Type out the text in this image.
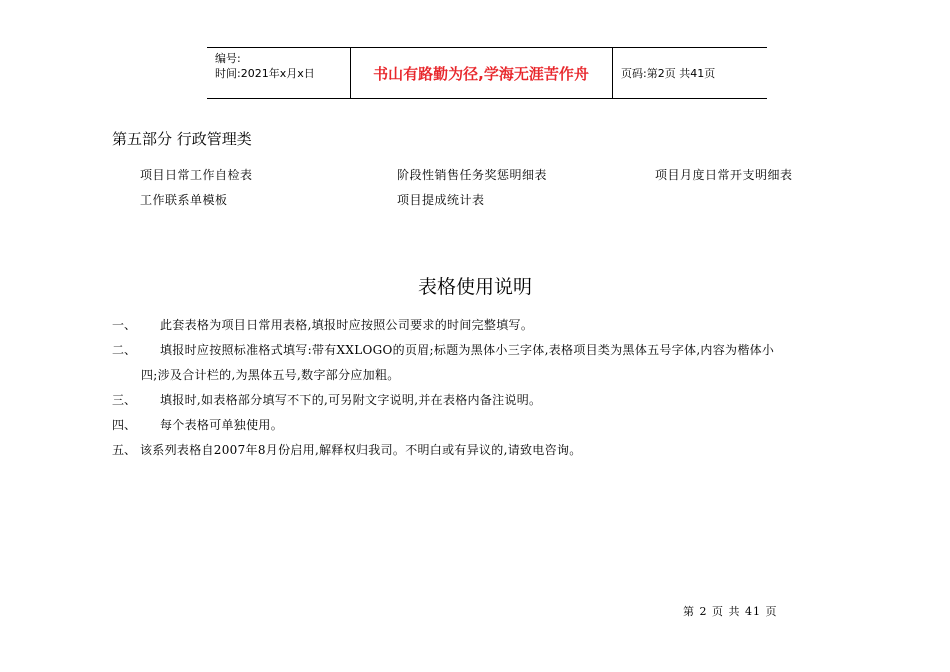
编号:
时间:2021年x月x日	书山有路勤为径,学海无涯苦作舟	页码:第2页 共41页
第五部分 行政管理类
项目日常工作自检表	阶段性销售任务奖惩明细表	项目月度日常开支明细表
工作联系单模板	项目提成统计表
表格使用说明
一、 此套表格为项目日常用表格,填报时应按照公司要求的时间完整填写。
二、 填报时应按照标准格式填写:带有XXLOGO的页眉;标题为黑体小三字体,表格项目类为黑体五号字体,内容为楷体小
四;涉及合计栏的,为黑体五号,数字部分应加粗。
三、 填报时,如表格部分填写不下的,可另附文字说明,并在表格内备注说明。
四、 每个表格可单独使用。
五、 该系列表格自2007年8月份启用,解释权归我司。不明白或有异议的,请致电咨询。
第 2 页 共 41 页
